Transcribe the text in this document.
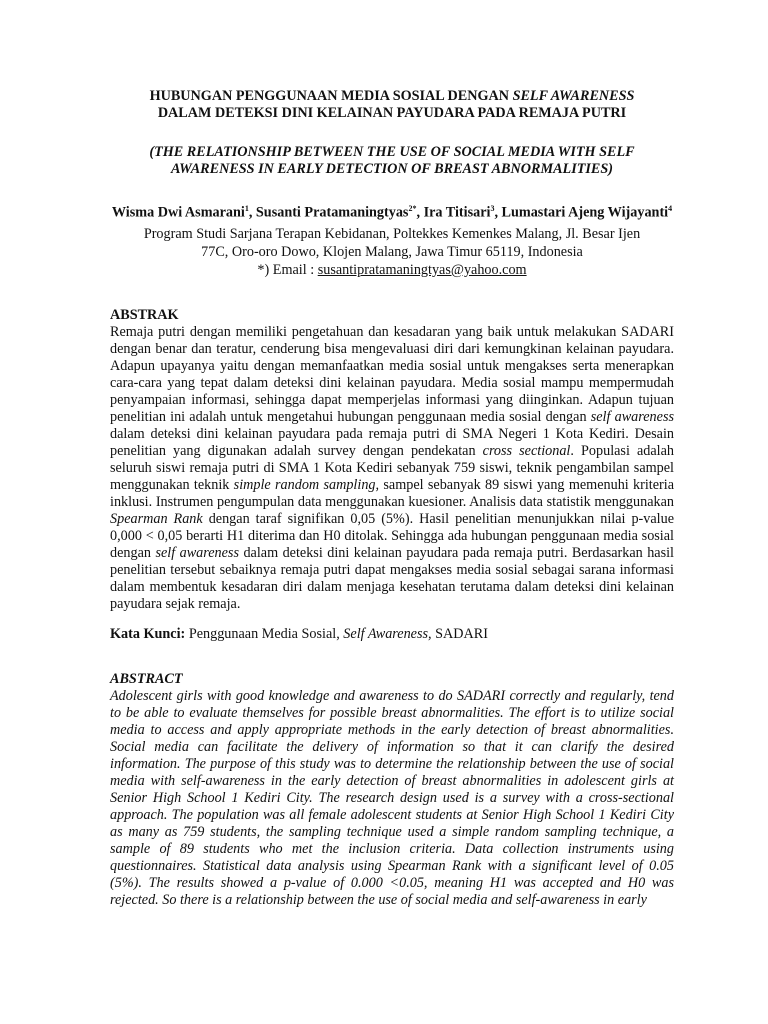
HUBUNGAN PENGGUNAAN MEDIA SOSIAL DENGAN SELF AWARENESS
DALAM DETEKSI DINI KELAINAN PAYUDARA PADA REMAJA PUTRI

(THE RELATIONSHIP BETWEEN THE USE OF SOCIAL MEDIA WITH SELF
AWARENESS IN EARLY DETECTION OF BREAST ABNORMALITIES)

Wisma Dwi Asmarani$^1$, Susanti Pratamaningtyas$^{2*}$, Ira Titisari$^3$, Lumastari Ajeng Wijayanti$^4$

Program Studi Sarjana Terapan Kebidanan, Poltekkes Kemenkes Malang, Jl. Besar Ijen
77C, Oro-oro Dowo, Klojen Malang, Jawa Timur 65119, Indonesia
*) Email : susantipratamaningtyas@yahoo.com

ABSTRAK

Remaja putri dengan memiliki pengetahuan dan kesadaran yang baik untuk melakukan SADARI dengan benar dan teratur, cenderung bisa mengevaluasi diri dari kemungkinan kelainan payudara. Adapun upayanya yaitu dengan memanfaatkan media sosial untuk mengakses serta menerapkan cara-cara yang tepat dalam deteksi dini kelainan payudara. Media sosial mampu mempermudah penyampaian informasi, sehingga dapat memperjelas informasi yang diinginkan. Adapun tujuan penelitian ini adalah untuk mengetahui hubungan penggunaan media sosial dengan self awareness dalam deteksi dini kelainan payudara pada remaja putri di SMA Negeri 1 Kota Kediri. Desain penelitian yang digunakan adalah survey dengan pendekatan cross sectional. Populasi adalah seluruh siswi remaja putri di SMA 1 Kota Kediri sebanyak 759 siswi, teknik pengambilan sampel menggunakan teknik simple random sampling, sampel sebanyak 89 siswi yang memenuhi kriteria inklusi. Instrumen pengumpulan data menggunakan kuesioner. Analisis data statistik menggunakan Spearman Rank dengan taraf signifikan 0,05 (5%). Hasil penelitian menunjukkan nilai p-value 0,000 < 0,05 berarti H1 diterima dan H0 ditolak. Sehingga ada hubungan penggunaan media sosial dengan self awareness dalam deteksi dini kelainan payudara pada remaja putri. Berdasarkan hasil penelitian tersebut sebaiknya remaja putri dapat mengakses media sosial sebagai sarana informasi dalam membentuk kesadaran diri dalam menjaga kesehatan terutama dalam deteksi dini kelainan payudara sejak remaja.

Kata Kunci: Penggunaan Media Sosial, Self Awareness, SADARI

ABSTRACT

Adolescent girls with good knowledge and awareness to do SADARI correctly and regularly, tend to be able to evaluate themselves for possible breast abnormalities. The effort is to utilize social media to access and apply appropriate methods in the early detection of breast abnormalities. Social media can facilitate the delivery of information so that it can clarify the desired information. The purpose of this study was to determine the relationship between the use of social media with self-awareness in the early detection of breast abnormalities in adolescent girls at Senior High School 1 Kediri City. The research design used is a survey with a cross-sectional approach. The population was all female adolescent students at Senior High School 1 Kediri City as many as 759 students, the sampling technique used a simple random sampling technique, a sample of 89 students who met the inclusion criteria. Data collection instruments using questionnaires. Statistical data analysis using Spearman Rank with a significant level of 0.05 (5%). The results showed a p-value of 0.000 <0.05, meaning H1 was accepted and H0 was rejected. So there is a relationship between the use of social media and self-awareness in early
